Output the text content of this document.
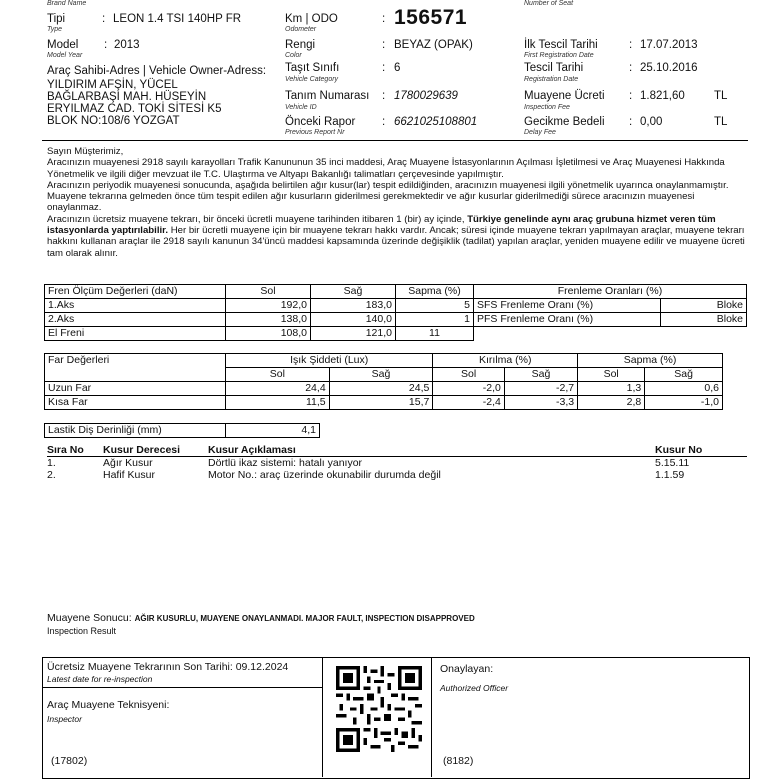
Brand Name	Number of Seat
Tipi
Type
: LEON 1.4 TSI 140HP FR	Km | ODO
Odometer
: 156571
Model
Model Year
: 2013	Rengi
Color
: BEYAZ (OPAK)	İlk Tescil Tarihi
First Registration Date
: 17.07.2013
Araç Sahibi-Adres | Vehicle Owner-Adress:
YILDIRIM AFŞİN, YÜCEL
BAĞLARBAŞI MAH. HÜSEYİN
ERYILMAZ CAD. TOKİ SİTESİ K5
BLOK NO:108/6 YOZGAT
Taşıt Sınıfı
Vehicle Category
: 6	Tescil Tarihi
Registration Date
: 25.10.2016
Tanım Numarası
Vehicle ID
: 1780029639	Muayene Ücreti
Inspection Fee
: 1.821,60	TL
Önceki Rapor
Previous Report Nr
: 6621025108801	Gecikme Bedeli
Delay Fee
: 0,00	TL

Sayın Müşterimiz,

Aracınızın muayenesi 2918 sayılı karayolları Trafik Kanununun 35 inci maddesi, Araç Muayene İstasyonlarının Açılması İşletilmesi ve Araç Muayenesi Hakkında Yönetmelik ve ilgili diğer mevzuat ile T.C. Ulaştırma ve Altyapı Bakanlığı talimatları çerçevesinde yapılmıştır.

Aracınızın periyodik muayenesi sonucunda, aşağıda belirtilen ağır kusur(lar) tespit edildiğinden, aracınızın muayenesi ilgili yönetmelik uyarınca onaylanmamıştır.

Muayene tekrarına gelmeden önce tüm tespit edilen ağır kusurların giderilmesi gerekmektedir ve ağır kusurlar giderilmediği sürece aracınızın muayenesi onaylanmaz.

Aracınızın ücretsiz muayene tekrarı, bir önceki ücretli muayene tarihinden itibaren 1 (bir) ay içinde, Türkiye genelinde aynı araç grubuna hizmet veren tüm istasyonlarda yaptırılabilir. Her bir ücretli muayene için bir muayene tekrarı hakkı vardır. Ancak; süresi içinde muayene tekrarı yapılmayan araçlar, muayene tekrarı hakkını kullanan araçlar ile 2918 sayılı kanunun 34'üncü maddesi kapsamında üzerinde değişiklik (tadilat) yapılan araçlar, yeniden muayene edilir ve muayene ücreti tam olarak alınır.

Fren Ölçüm Değerleri (daN)	Sol	Sağ	Sapma (%)	Frenleme Oranları (%)	
1.Aks	192,0	183,0	5	SFS Frenleme Oranı (%)	Bloke
2.Aks	138,0	140,0	1	PFS Frenleme Oranı (%)	Bloke
El Freni	108,0	121,0	11		
Far Değerleri	Işık Şiddeti (Lux)		Kırılma (%)		Sapma (%)	
	Sol	Sağ	Sol	Sağ	Sol	Sağ
Uzun Far	24,4	24,5	-2,0	-2,7	1,3	0,6
Kısa Far	11,5	15,7	-2,4	-3,3	2,8	-1,0
Lastik Diş Derinliği (mm)	4,1
Sıra No Kusur Derecesi	Kusur Açıklaması	Kusur No
1.	Ağır Kusur	Dörtlü ikaz sistemi: hatalı yanıyor	5.15.11
2.	Hafif Kusur	Motor No.: araç üzerinde okunabilir durumda değil	1.1.59
Muayene Sonucu: AĞIR KUSURLU, MUAYENE ONAYLANMADI. MAJOR FAULT, INSPECTION DISAPPROVED
Inspection Result
Ücretsiz Muayene Tekrarının Son Tarihi: 09.12.2024
Latest date for re-inspection
Araç Muayene Teknisyeni:
Inspector
(17802)
Onaylayan:
Authorized Officer
(8182)
